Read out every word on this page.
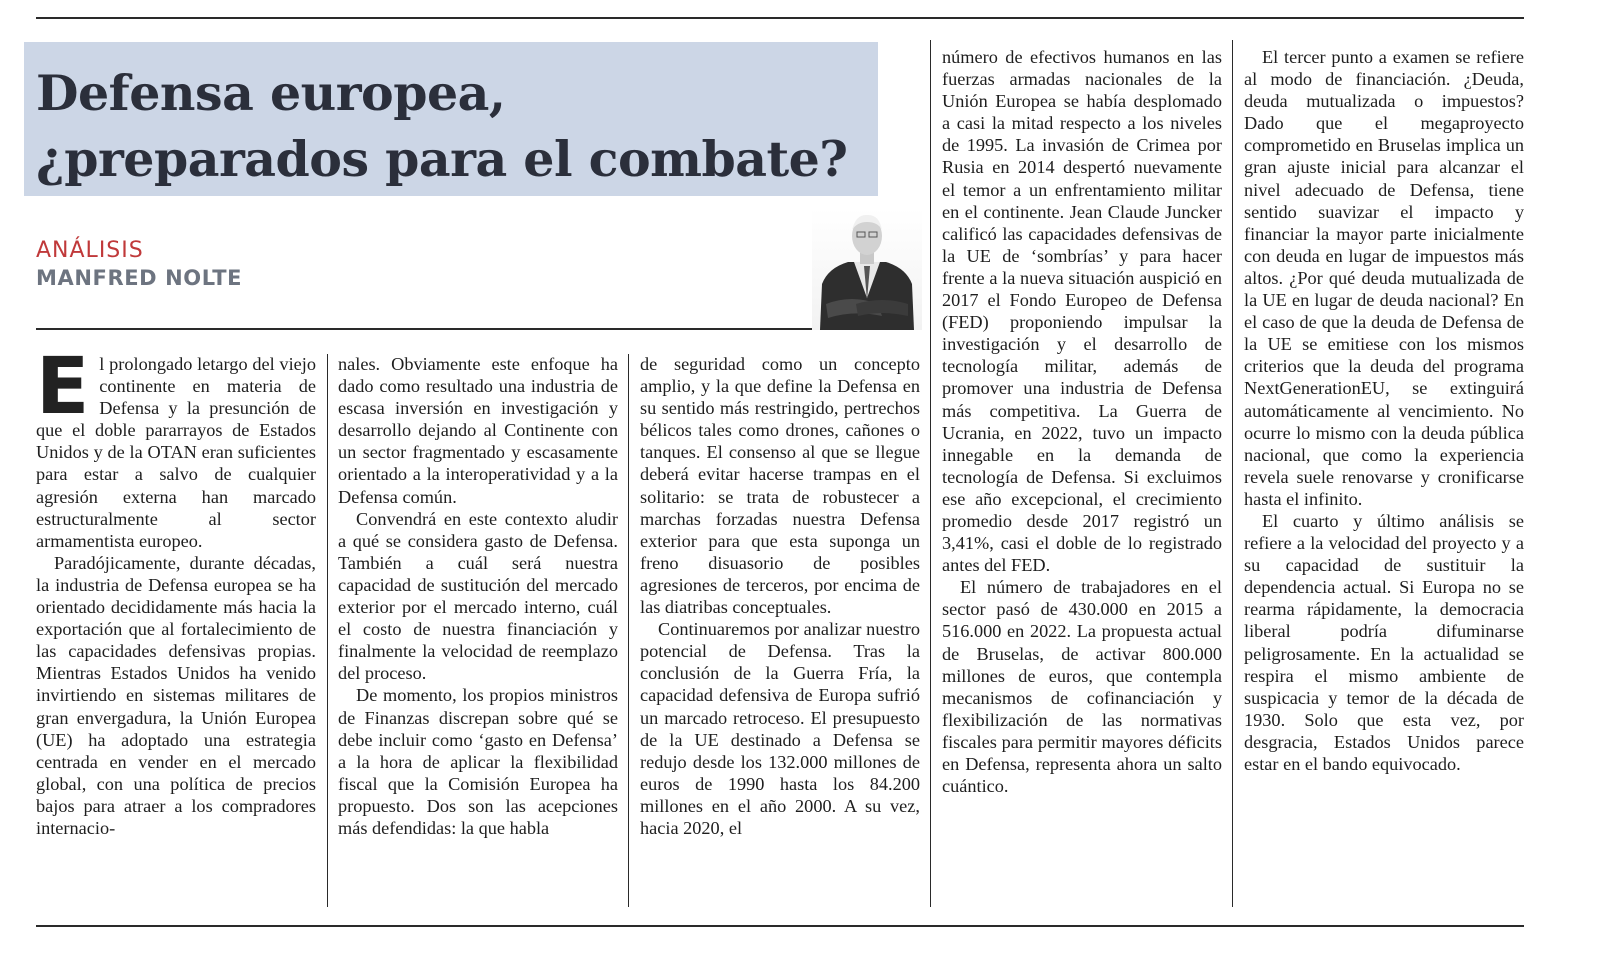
Defensa europea,
¿preparados para el combate?
ANÁLISIS
MANFRED NOLTE
E l prolongado letargo del viejo continente en materia de Defensa y la presunción de que el doble pararrayos de Estados Unidos y de la OTAN eran suficientes para estar a salvo de cualquier agresión externa han marcado estructuralmente al sector armamentista europeo.

Paradójicamente, durante décadas, la industria de Defensa europea se ha orientado decididamente más hacia la exportación que al fortalecimiento de las capacidades defensivas propias. Mientras Estados Unidos ha venido invirtiendo en sistemas militares de gran envergadura, la Unión Europea (UE) ha adoptado una estrategia centrada en vender en el mercado global, con una política de precios bajos para atraer a los compradores internacio-

nales. Obviamente este enfoque ha dado como resultado una industria de escasa inversión en investigación y desarrollo dejando al Continente con un sector fragmentado y escasamente orientado a la interoperatividad y a la Defensa común.

Convendrá en este contexto aludir a qué se considera gasto de Defensa. También a cuál será nuestra capacidad de sustitución del mercado exterior por el mercado interno, cuál el costo de nuestra financiación y finalmente la velocidad de reemplazo del proceso.

De momento, los propios ministros de Finanzas discrepan sobre qué se debe incluir como ‘gasto en Defensa’ a la hora de aplicar la flexibilidad fiscal que la Comisión Europea ha propuesto. Dos son las acepciones más defendidas: la que habla

de seguridad como un concepto amplio, y la que define la Defensa en su sentido más restringido, pertrechos bélicos tales como drones, cañones o tanques. El consenso al que se llegue deberá evitar hacerse trampas en el solitario: se trata de robustecer a marchas forzadas nuestra Defensa exterior para que esta suponga un freno disuasorio de posibles agresiones de terceros, por encima de las diatribas conceptuales.

Continuaremos por analizar nuestro potencial de Defensa. Tras la conclusión de la Guerra Fría, la capacidad defensiva de Europa sufrió un marcado retroceso. El presupuesto de la UE destinado a Defensa se redujo desde los 132.000 millones de euros de 1990 hasta los 84.200 millones en el año 2000. A su vez, hacia 2020, el

número de efectivos humanos en las fuerzas armadas nacionales de la Unión Europea se había desplomado a casi la mitad respecto a los niveles de 1995. La invasión de Crimea por Rusia en 2014 despertó nuevamente el temor a un enfrentamiento militar en el continente. Jean Claude Juncker calificó las capacidades defensivas de la UE de ‘sombrías’ y para hacer frente a la nueva situación auspició en 2017 el Fondo Europeo de Defensa (FED) proponiendo impulsar la investigación y el desarrollo de tecnología militar, además de promover una industria de Defensa más competitiva. La Guerra de Ucrania, en 2022, tuvo un impacto innegable en la demanda de tecnología de Defensa. Si excluimos ese año excepcional, el crecimiento promedio desde 2017 registró un 3,41%, casi el doble de lo registrado antes del FED.

El número de trabajadores en el sector pasó de 430.000 en 2015 a 516.000 en 2022. La propuesta actual de Bruselas, de activar 800.000 millones de euros, que contempla mecanismos de cofinanciación y flexibilización de las normativas fiscales para permitir mayores déficits en Defensa, representa ahora un salto cuántico.

El tercer punto a examen se refiere al modo de financiación. ¿Deuda, deuda mutualizada o impuestos? Dado que el megaproyecto comprometido en Bruselas implica un gran ajuste inicial para alcanzar el nivel adecuado de Defensa, tiene sentido suavizar el impacto y financiar la mayor parte inicialmente con deuda en lugar de impuestos más altos. ¿Por qué deuda mutualizada de la UE en lugar de deuda nacional? En el caso de que la deuda de Defensa de la UE se emitiese con los mismos criterios que la deuda del programa NextGenerationEU, se extinguirá automáticamente al vencimiento. No ocurre lo mismo con la deuda pública nacional, que como la experiencia revela suele renovarse y cronificarse hasta el infinito.

El cuarto y último análisis se refiere a la velocidad del proyecto y a su capacidad de sustituir la dependencia actual. Si Europa no se rearma rápidamente, la democracia liberal podría difuminarse peligrosamente. En la actualidad se respira el mismo ambiente de suspicacia y temor de la década de 1930. Solo que esta vez, por desgracia, Estados Unidos parece estar en el bando equivocado.
